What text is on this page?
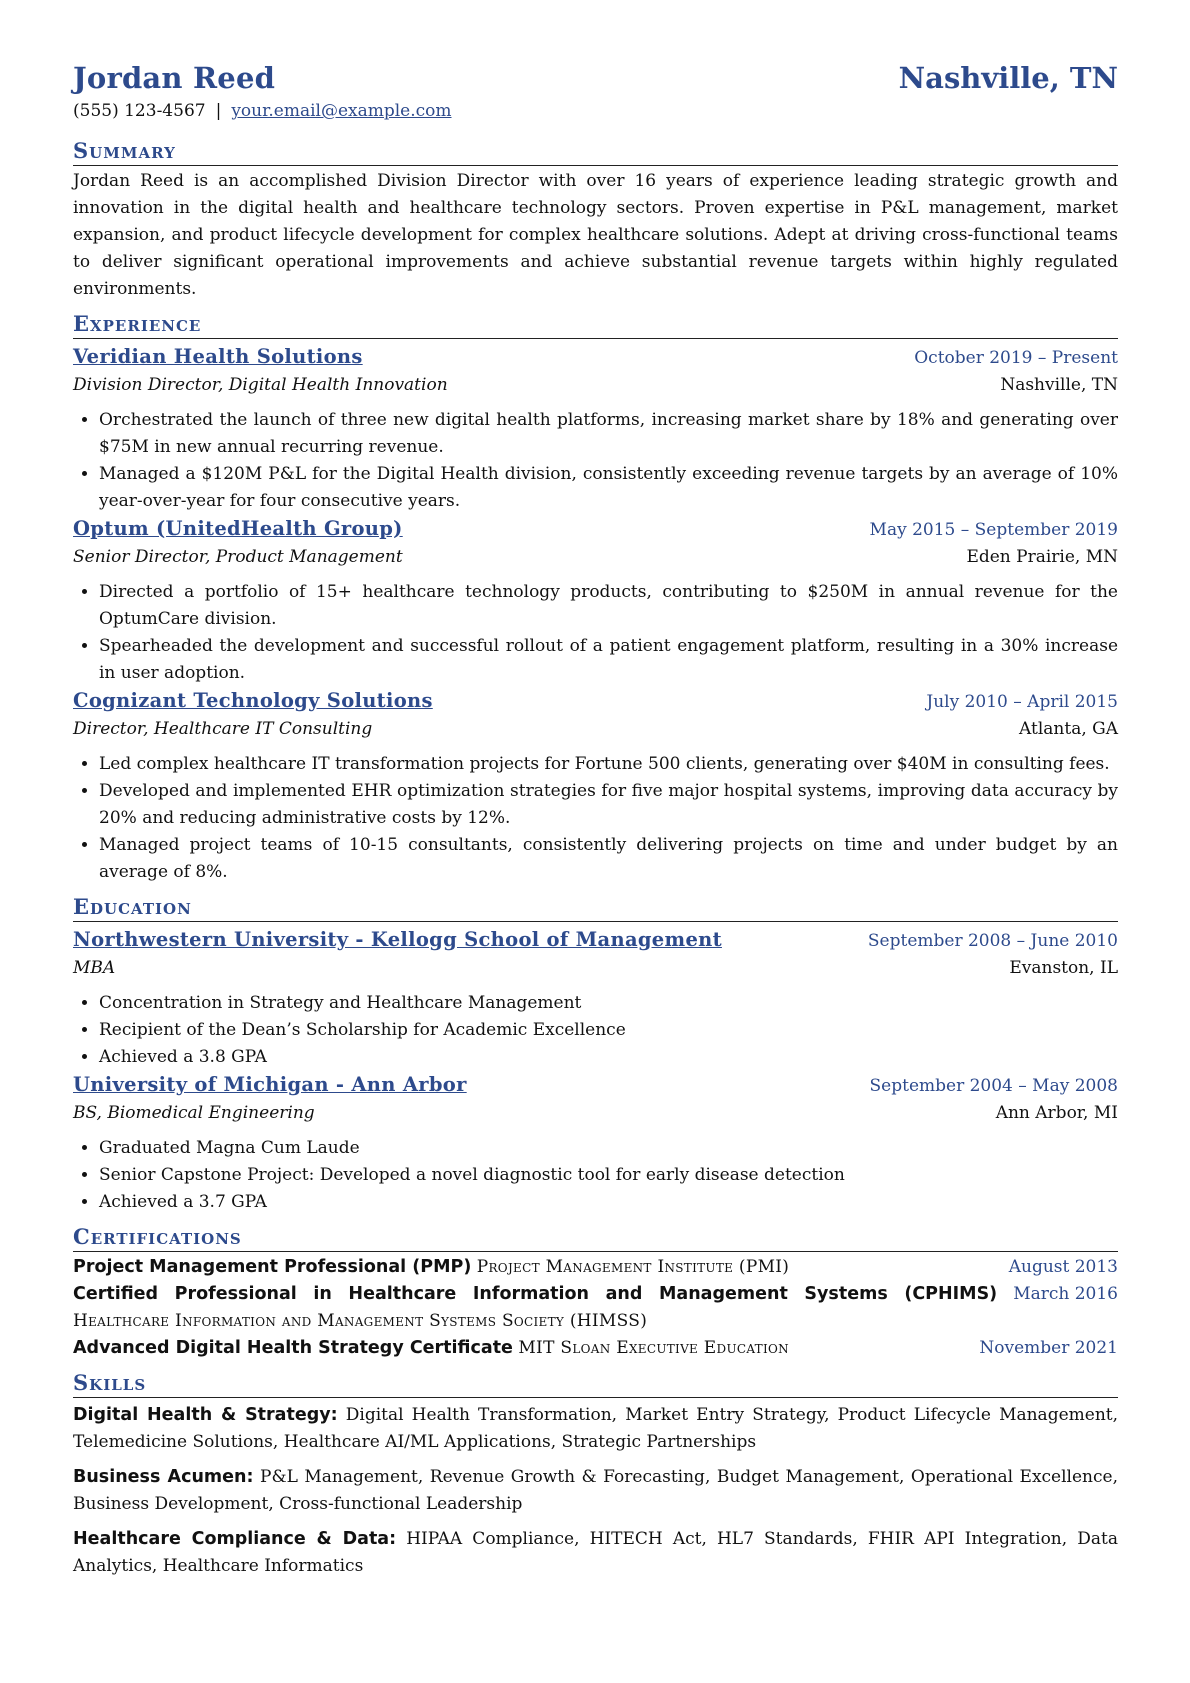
Jordan Reed	Nashville, TN
(555) 123-4567 | your.email@example.com
Summary

Jordan Reed is an accomplished Division Director with over 16 years of experience leading strategic growth and innovation in the digital health and healthcare technology sectors. Proven expertise in P&L management, market expansion, and product lifecycle development for complex healthcare solutions. Adept at driving cross-functional teams to deliver significant operational improvements and achieve substantial revenue targets within highly regulated environments.

Experience
Veridian Health Solutions	October 2019 – Present
Division Director, Digital Health Innovation	Nashville, TN
• Orchestrated the launch of three new digital health platforms, increasing market share by 18% and generating over $75M in new annual recurring revenue.
• Managed a $120M P&L for the Digital Health division, consistently exceeding revenue targets by an average of 10% year-over-year for four consecutive years.
Optum (UnitedHealth Group)	May 2015 – September 2019
Senior Director, Product Management	Eden Prairie, MN
• Directed a portfolio of 15+ healthcare technology products, contributing to $250M in annual revenue for the OptumCare division.
• Spearheaded the development and successful rollout of a patient engagement platform, resulting in a 30% increase in user adoption.
Cognizant Technology Solutions	July 2010 – April 2015
Director, Healthcare IT Consulting	Atlanta, GA
• Led complex healthcare IT transformation projects for Fortune 500 clients, generating over $40M in consulting fees.
• Developed and implemented EHR optimization strategies for five major hospital systems, improving data accuracy by 20% and reducing administrative costs by 12%.
• Managed project teams of 10-15 consultants, consistently delivering projects on time and under budget by an average of 8%.
Education
Northwestern University - Kellogg School of Management	September 2008 – June 2010
MBA	Evanston, IL
• Concentration in Strategy and Healthcare Management
• Recipient of the Dean’s Scholarship for Academic Excellence
• Achieved a 3.8 GPA
University of Michigan - Ann Arbor	September 2004 – May 2008
BS, Biomedical Engineering	Ann Arbor, MI
• Graduated Magna Cum Laude
• Senior Capstone Project: Developed a novel diagnostic tool for early disease detection
• Achieved a 3.7 GPA
Certifications
Project Management Professional (PMP) Project Management Institute (PMI)	August 2013
Certified Professional in Healthcare Information and Management Systems (CPHIMS) March 2016
Healthcare Information and Management Systems Society (HIMSS)
Advanced Digital Health Strategy Certificate MIT Sloan Executive Education	November 2021
Skills
Digital Health & Strategy: Digital Health Transformation, Market Entry Strategy, Product Lifecycle Management, Telemedicine Solutions, Healthcare AI/ML Applications, Strategic Partnerships
Business Acumen: P&L Management, Revenue Growth & Forecasting, Budget Management, Operational Excellence, Business Development, Cross-functional Leadership
Healthcare Compliance & Data: HIPAA Compliance, HITECH Act, HL7 Standards, FHIR API Integration, Data Analytics, Healthcare Informatics
